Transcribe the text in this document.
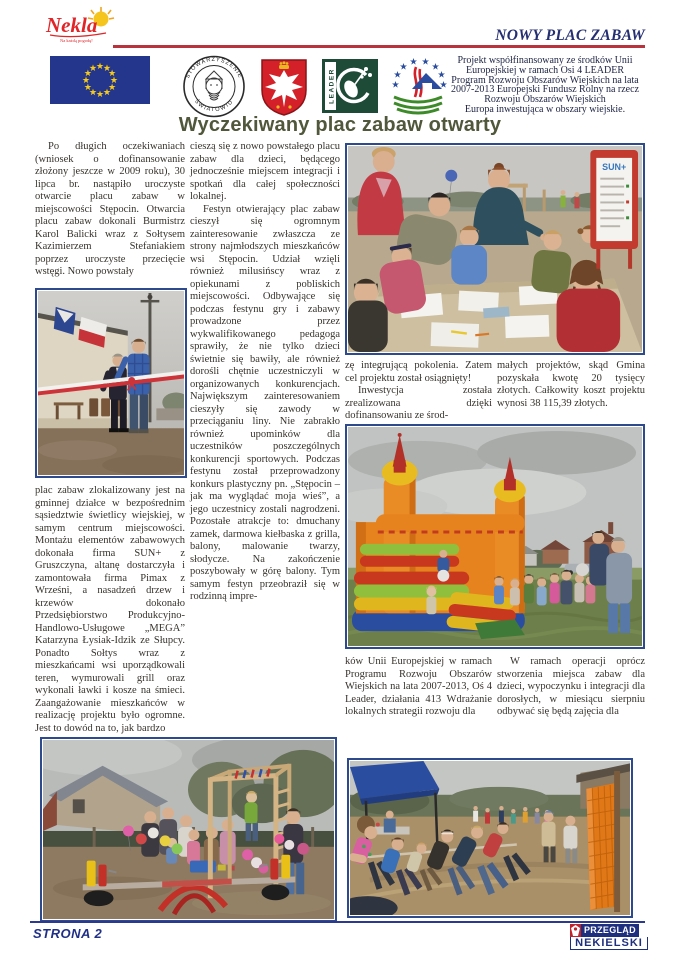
Nekla
Na każdą pogodę!	NOWY PLAC ZABAW
STOWARZYSZENIE
ŚWIATOWID	LEADER
Projekt współfinansowany ze środków Unii
Europejskiej w ramach Osi 4 LEADER
Program Rozwoju Obszarów Wiejskich na lata
2007-2013 Europejski Fundusz Rolny na rzecz
Rozwoju Obszarów Wiejskich
Europa inwestująca w obszary wiejskie.
Wyczekiwany plac zabaw otwarty

Po długich oczekiwaniach (wniosek o dofinansowanie złożony jeszcze w 2009 roku), 30 lipca br. nastąpiło uroczyste otwarcie placu zabaw w miejscowości Stępocin. Otwarcia placu zabaw dokonali Burmistrz Karol Balicki wraz z Sołtysem Kazimierzem Stefaniakiem poprzez uroczyste przecięcie wstęgi. Nowo powstały

cieszą się z nowo powstałego placu zabaw dla dzieci, będącego jednocześnie miejscem integracji i spotkań dla całej społeczności lokalnej.

Festyn otwierający plac zabaw cieszył się ogromnym zainteresowanie zwłaszcza ze strony najmłodszych mieszkańców wsi Stępocin. Udział wzięli również milusińscy wraz z opiekunami z pobliskich miejscowości. Odbywające się podczas festynu gry i zabawy prowadzone przez wykwalifikowanego pedagoga sprawiły, że nie tylko dzieci świetnie się bawiły, ale również dorośli chętnie uczestniczyli w organizowanych konkurencjach. Największym zainteresowaniem cieszyły się zawody w przeciąganiu liny. Nie zabrakło również upominków dla uczestników poszczególnych konkurencji sportowych. Podczas festynu został przeprowadzony konkurs plastyczny pn. „Stępocin – jak ma wyglądać moja wieś”, a jego uczestnicy zostali nagrodzeni. Pozostałe atrakcje to: dmuchany zamek, darmowa kiełbaska z grilla, balony, malowanie twarzy, słodycze. Na zakończenie poszybowały w górę balony. Tym samym festyn przeobraził się w rodzinną impre-

plac zabaw zlokalizowany jest na gminnej działce w bezpośrednim sąsiedztwie świetlicy wiejskiej, w samym centrum miejscowości. Montażu elementów zabawowych dokonała firma SUN+ z Gruszczyna, altanę dostarczyła i zamontowała firma Pimax z Wrześni, a nasadzeń drzew i krzewów dokonało Przedsiębiorstwo Produkcyjno-Handlowo-Usługowe „MEGA” Katarzyna Łysiak-Idzik ze Słupcy. Ponadto Sołtys wraz z mieszkańcami wsi uporządkowali teren, wymurowali grill oraz wykonali ławki i kosze na śmieci. Zaangażowanie mieszkańców w realizację projektu było ogromne. Jest to dowód na to, jak bardzo

zę integrującą pokolenia. Zatem cel projektu został osiągnięty!

Inwestycja została zrealizowana dzięki dofinansowaniu ze środ-

małych projektów, skąd Gmina pozyskała kwotę 20 tysięcy złotych. Całkowity koszt projektu wynosi 38 115,39 złotych.

ków Unii Europejskiej w ramach Programu Rozwoju Obszarów Wiejskich na lata 2007-2013, Oś 4 Leader, działania 413 Wdrażanie lokalnych strategii rozwoju dla

W ramach operacji oprócz stworzenia miejsca zabaw dla dzieci, wypoczynku i integracji dla dorosłych, w miesiącu sierpniu odbywać się będą zajęcia dla

SUN+
STRONA 2	PRZEGLĄD
NEKIELSKI
